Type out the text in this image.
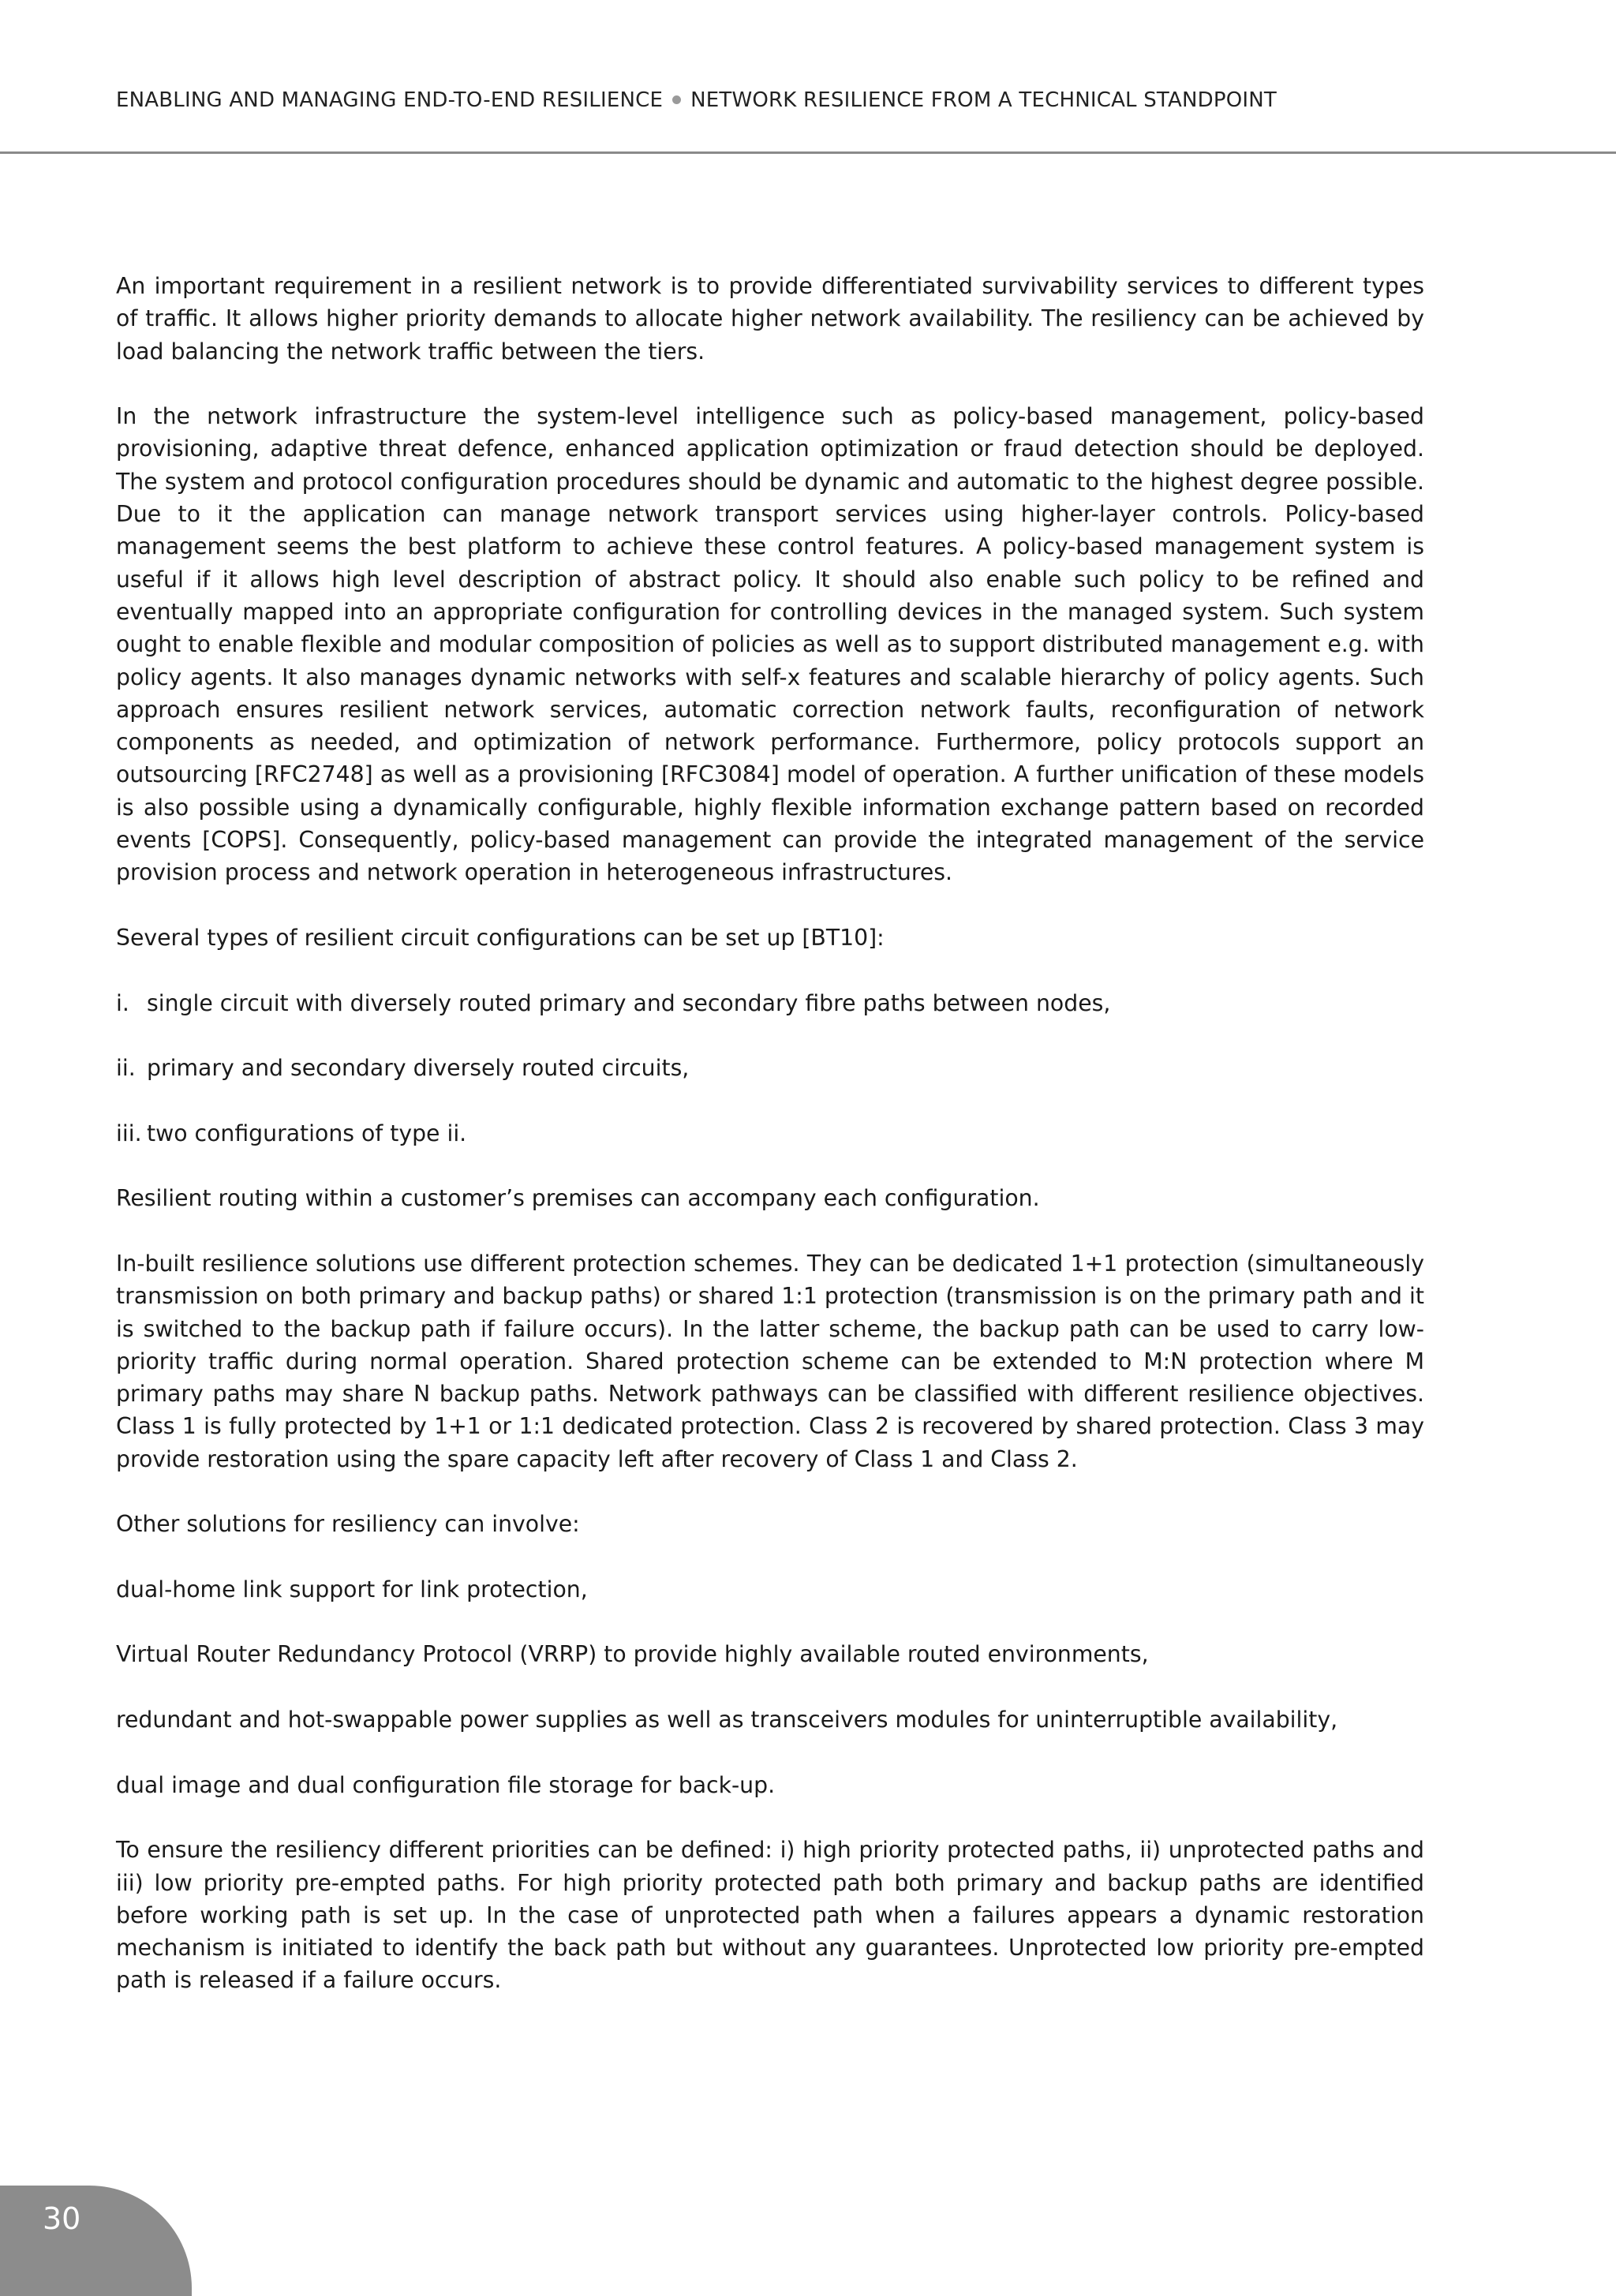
ENABLING AND MANAGING END-TO-END RESILIENCE NETWORK RESILIENCE FROM A TECHNICAL STANDPOINT

An important requirement in a resilient network is to provide differentiated survivability services to different types of traffic. It allows higher priority demands to allocate higher network availability. The resiliency can be achieved by load balancing the network traffic between the tiers.

In the network infrastructure the system-level intelligence such as policy-based management, policy-based provisioning, adaptive threat defence, enhanced application optimization or fraud detection should be deployed. The system and protocol configuration procedures should be dynamic and automatic to the highest degree possible. Due to it the application can manage network transport services using higher-layer controls. Policy-based management seems the best platform to achieve these control features. A policy-based management system is useful if it allows high level description of abstract policy. It should also enable such policy to be refined and eventually mapped into an appropriate configuration for controlling devices in the managed system. Such system ought to enable flexible and modular composition of policies as well as to support distributed management e.g. with policy agents. It also manages dynamic networks with self-x features and scalable hierarchy of policy agents. Such approach ensures resilient network services, automatic correction network faults, reconfiguration of network components as needed, and optimization of network performance. Furthermore, policy protocols support an outsourcing [RFC2748] as well as a provisioning [RFC3084] model of operation. A further unification of these models is also possible using a dynamically configurable, highly flexible information exchange pattern based on recorded events [COPS]. Consequently, policy-based management can provide the integrated management of the service provision process and network operation in heterogeneous infrastructures.

Several types of resilient circuit configurations can be set up [BT10]:

i. single circuit with diversely routed primary and secondary fibre paths between nodes,
ii. primary and secondary diversely routed circuits,
iii. two configurations of type ii.

Resilient routing within a customer’s premises can accompany each configuration.

In-built resilience solutions use different protection schemes. They can be dedicated 1+1 protection (simultaneously transmission on both primary and backup paths) or shared 1:1 protection (transmission is on the primary path and it is switched to the backup path if failure occurs). In the latter scheme, the backup path can be used to carry low-priority traffic during normal operation. Shared protection scheme can be extended to M:N protection where M primary paths may share N backup paths. Network pathways can be classified with different resilience objectives. Class 1 is fully protected by 1+1 or 1:1 dedicated protection. Class 2 is recovered by shared protection. Class 3 may provide restoration using the spare capacity left after recovery of Class 1 and Class 2.

Other solutions for resiliency can involve:

dual-home link support for link protection,

Virtual Router Redundancy Protocol (VRRP) to provide highly available routed environments,

redundant and hot-swappable power supplies as well as transceivers modules for uninterruptible availability,

dual image and dual configuration file storage for back-up.

To ensure the resiliency different priorities can be defined: i) high priority protected paths, ii) unprotected paths and iii) low priority pre-empted paths. For high priority protected path both primary and backup paths are identified before working path is set up. In the case of unprotected path when a failures appears a dynamic restoration mechanism is initiated to identify the back path but without any guarantees. Unprotected low priority pre-empted path is released if a failure occurs.

30
